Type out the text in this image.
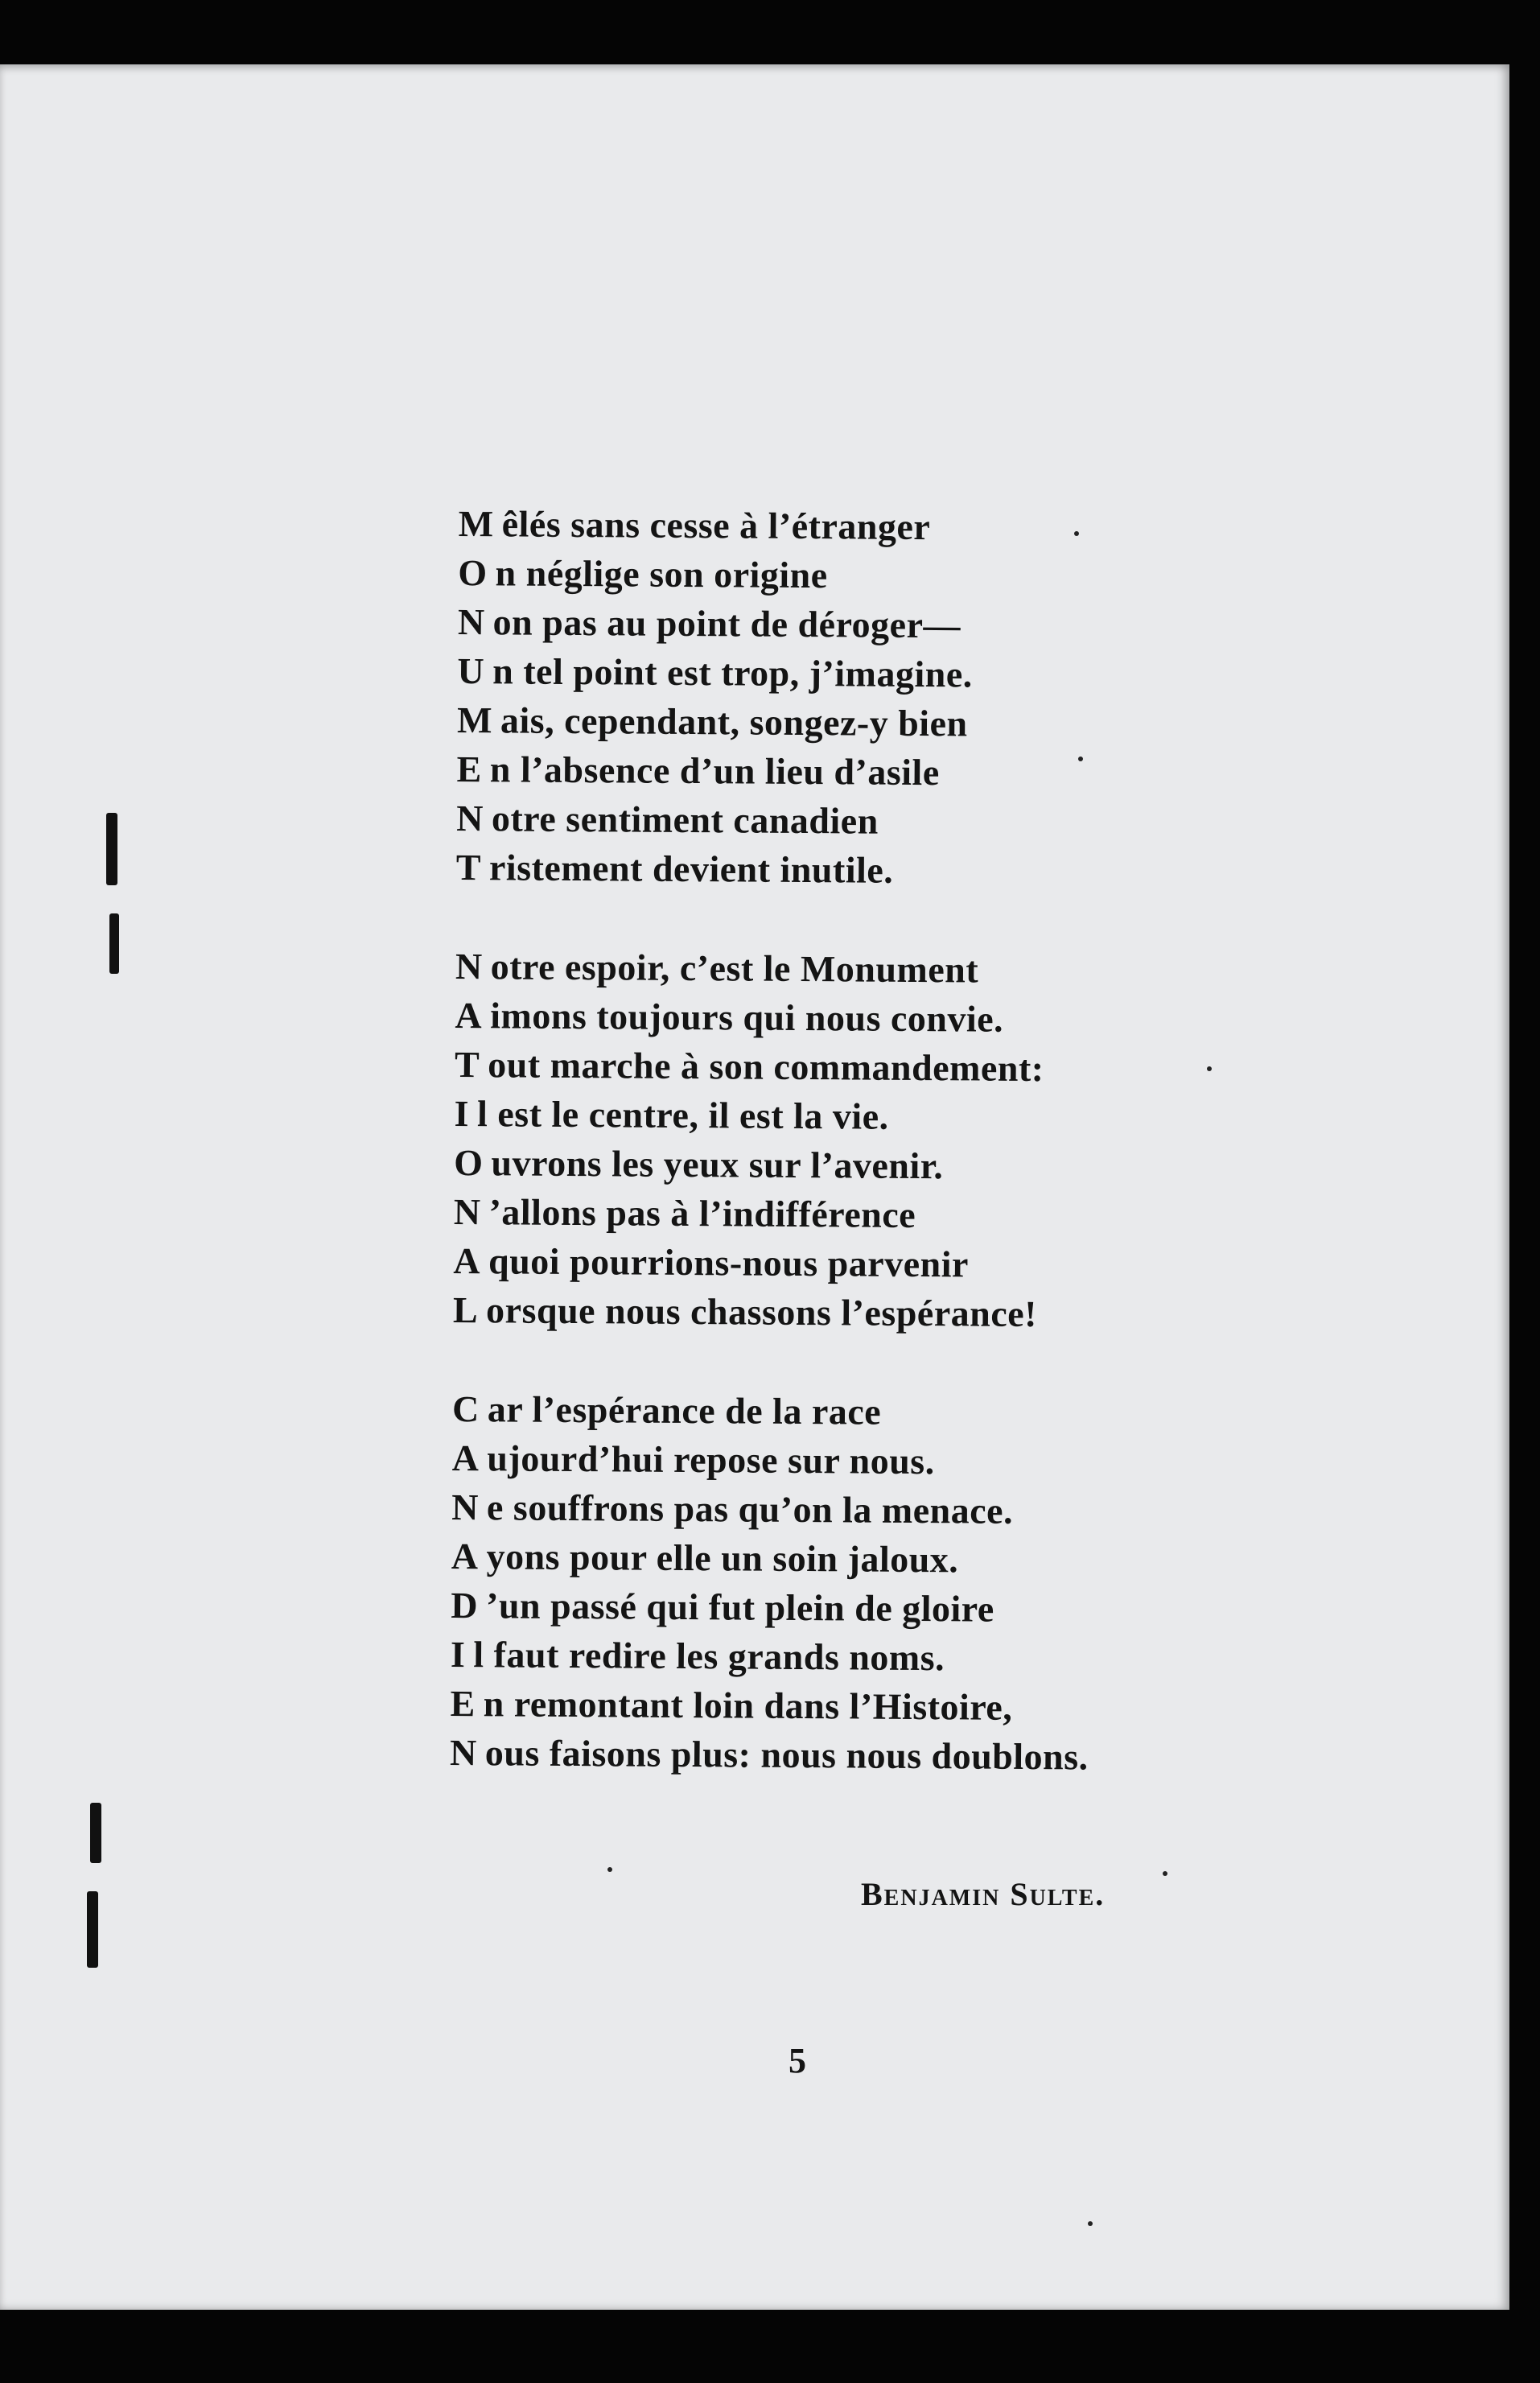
M êlés sans cesse à l’étranger
O n néglige son origine
N on pas au point de déroger—
U n tel point est trop, j’imagine.
M ais, cependant, songez-y bien
E n l’absence d’un lieu d’asile
N otre sentiment canadien
T ristement devient inutile.
N otre espoir, c’est le Monument
A imons toujours qui nous convie.
T out marche à son commandement:
I l est le centre, il est la vie.
O uvrons les yeux sur l’avenir.
N ’allons pas à l’indifférence
A quoi pourrions-nous parvenir
L orsque nous chassons l’espérance!
C ar l’espérance de la race
A ujourd’hui repose sur nous.
N e souffrons pas qu’on la menace.
A yons pour elle un soin jaloux.
D ’un passé qui fut plein de gloire
I l faut redire les grands noms.
E n remontant loin dans l’Histoire,
N ous faisons plus: nous nous doublons.
Benjamin Sulte.
5
